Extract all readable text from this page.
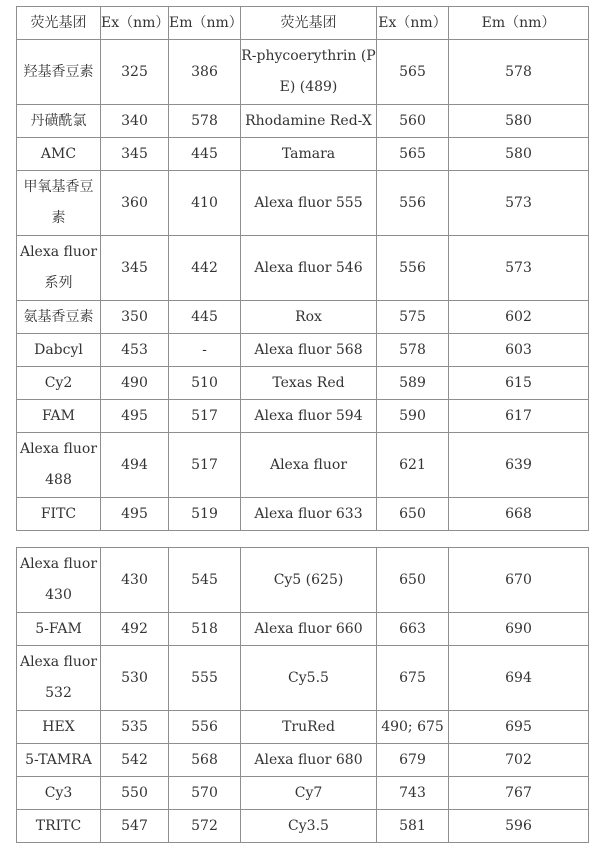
荧光基团	Ex（nm）	Em（nm）	荧光基团	Ex（nm）	Em（nm）
羟基香豆素	325	386	R-phycoerythrin (PE) (489)	565	578
丹磺酰氯	340	578	Rhodamine Red-X	560	580
AMC	345	445	Tamara	565	580
甲氧基香豆素	360	410	Alexa fluor 555	556	573
Alexa fluor 系列	345	442	Alexa fluor 546	556	573
氨基香豆素	350	445	Rox	575	602
Dabcyl	453	-	Alexa fluor 568	578	603
Cy2	490	510	Texas Red	589	615
FAM	495	517	Alexa fluor 594	590	617
Alexa fluor 488	494	517	Alexa fluor	621	639
FITC	495	519	Alexa fluor 633	650	668
Alexa fluor 430	430	545	Cy5 (625)	650	670
5-FAM	492	518	Alexa fluor 660	663	690
Alexa fluor 532	530	555	Cy5.5	675	694
HEX	535	556	TruRed	490; 675	695
5-TAMRA	542	568	Alexa fluor 680	679	702
Cy3	550	570	Cy7	743	767
TRITC	547	572	Cy3.5	581	596
